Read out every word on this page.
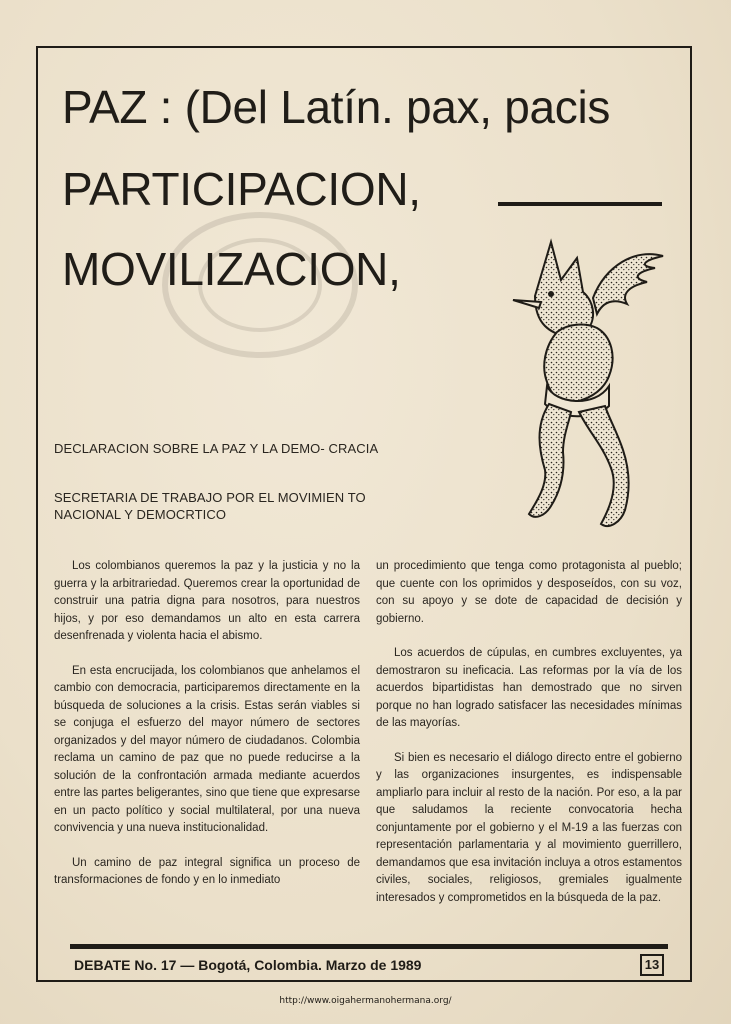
PAZ : (Del Latín. pax, pacis
PARTICIPACION,
MOVILIZACION,

DECLARACION SOBRE LA PAZ Y LA DEMO- CRACIA

SECRETARIA DE TRABAJO POR EL MOVIMIEN TO NACIONAL Y DEMOCRTICO

Los colombianos queremos la paz y la justicia y no la guerra y la arbitrariedad. Queremos crear la oportunidad de construir una patria digna para nosotros, para nuestros hijos, y por eso demandamos un alto en esta carrera desenfrenada y violenta hacia el abismo.

En esta encrucijada, los colombianos que anhelamos el cambio con democracia, participaremos directamente en la búsqueda de soluciones a la crisis. Estas serán viables si se conjuga el esfuerzo del mayor número de sectores organizados y del mayor número de ciudadanos. Colombia reclama un camino de paz que no puede reducirse a la solución de la confrontación armada mediante acuerdos entre las partes beligerantes, sino que tiene que expresarse en un pacto político y social multilateral, por una nueva convivencia y una nueva institucionalidad.

Un camino de paz integral significa un proceso de transformaciones de fondo y en lo inmediato

un procedimiento que tenga como protagonista al pueblo; que cuente con los oprimidos y desposeídos, con su voz, con su apoyo y se dote de capacidad de decisión y gobierno.

Los acuerdos de cúpulas, en cumbres excluyentes, ya demostraron su ineficacia. Las reformas por la vía de los acuerdos bipartidistas han demostrado que no sirven porque no han logrado satisfacer las necesidades mínimas de las mayorías.

Si bien es necesario el diálogo directo entre el gobierno y las organizaciones insurgentes, es indispensable ampliarlo para incluir al resto de la nación. Por eso, a la par que saludamos la reciente convocatoria hecha conjuntamente por el gobierno y el M-19 a las fuerzas con representación parlamentaria y al movimiento guerrillero, demandamos que esa invitación incluya a otros estamentos civiles, sociales, religiosos, gremiales igualmente interesados y comprometidos en la búsqueda de la paz.

DEBATE No. 17 — Bogotá, Colombia. Marzo de 1989	13
http://www.oigahermanohermana.org/
